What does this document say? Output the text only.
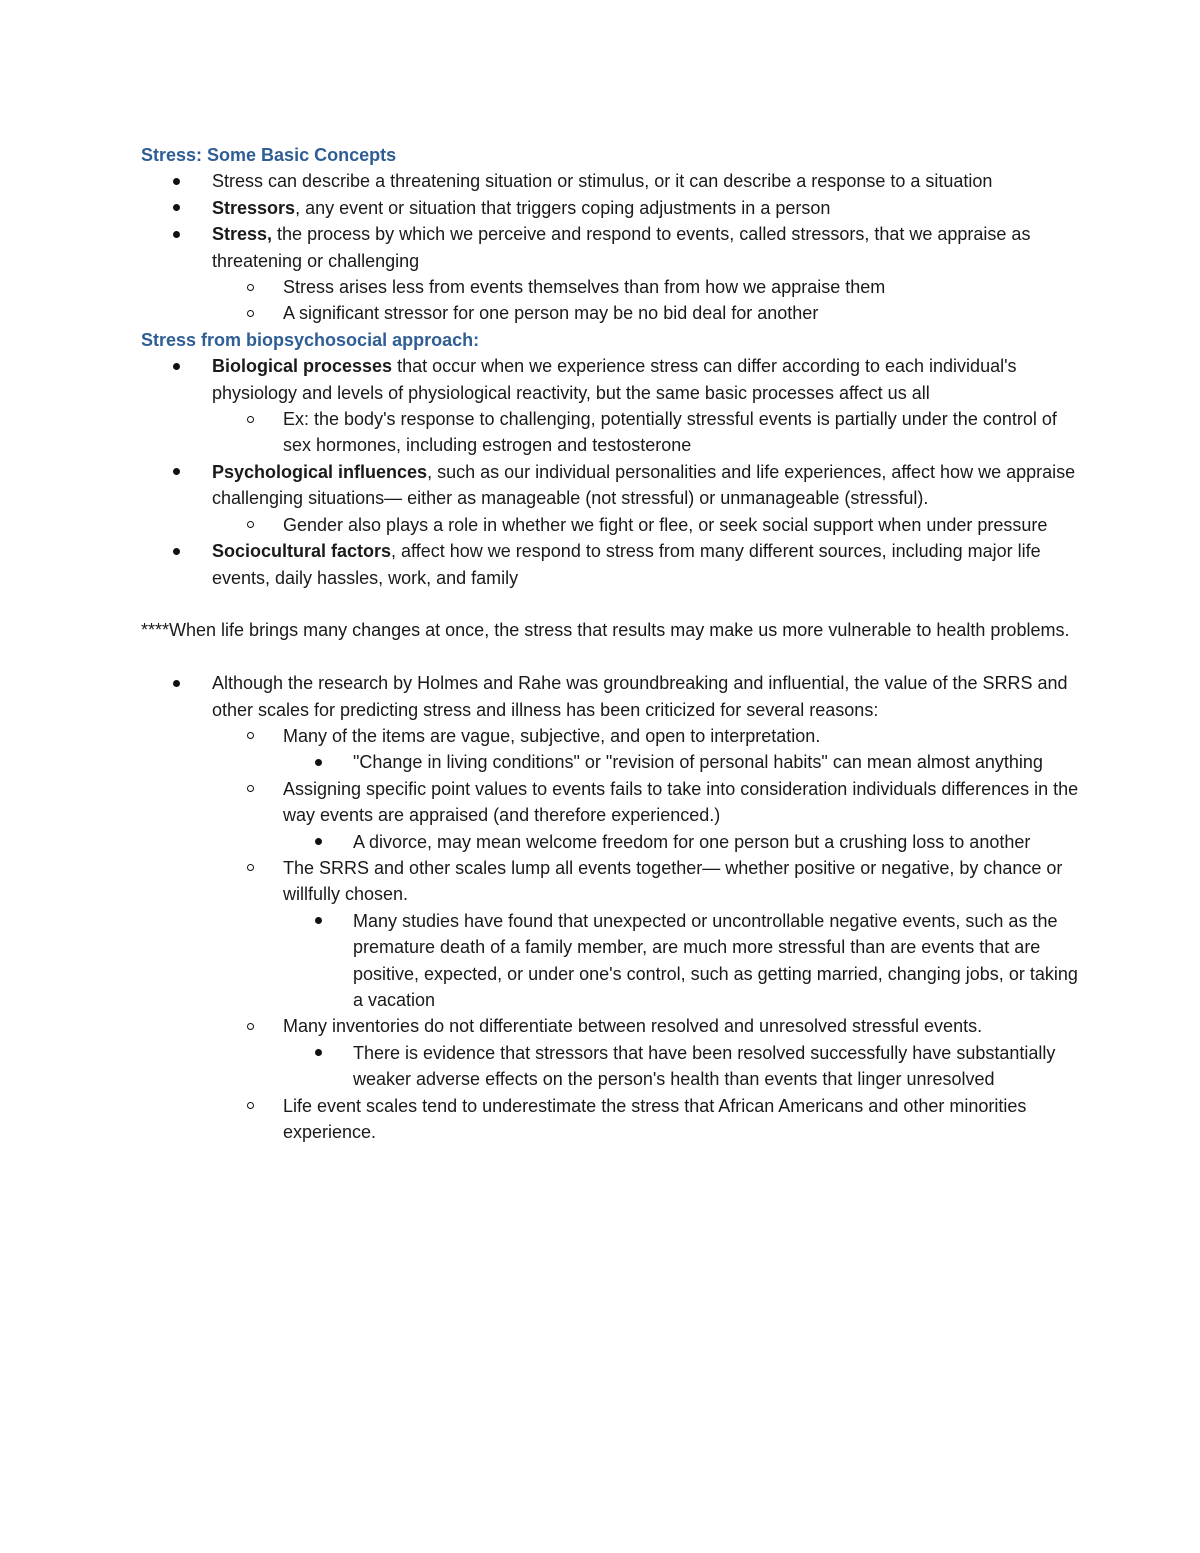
Stress: Some Basic Concepts

Stress can describe a threatening situation or stimulus, or it can describe a response to a situation
Stressors, any event or situation that triggers coping adjustments in a person
Stress, the process by which we perceive and respond to events, called stressors, that we appraise as threatening or challenging
Stress arises less from events themselves than from how we appraise them
A significant stressor for one person may be no bid deal for another

Stress from biopsychosocial approach:

Biological processes that occur when we experience stress can differ according to each individual's physiology and levels of physiological reactivity, but the same basic processes affect us all
Ex: the body's response to challenging, potentially stressful events is partially under the control of sex hormones, including estrogen and testosterone
Psychological influences, such as our individual personalities and life experiences, affect how we appraise challenging situations— either as manageable (not stressful) or unmanageable (stressful).
Gender also plays a role in whether we fight or flee, or seek social support when under pressure
Sociocultural factors, affect how we respond to stress from many different sources, including major life events, daily hassles, work, and family

****When life brings many changes at once, the stress that results may make us more vulnerable to health problems.

Although the research by Holmes and Rahe was groundbreaking and influential, the value of the SRRS and other scales for predicting stress and illness has been criticized for several reasons:
Many of the items are vague, subjective, and open to interpretation.
"Change in living conditions" or "revision of personal habits" can mean almost anything
Assigning specific point values to events fails to take into consideration individuals differences in the way events are appraised (and therefore experienced.)
A divorce, may mean welcome freedom for one person but a crushing loss to another
The SRRS and other scales lump all events together— whether positive or negative, by chance or willfully chosen.
Many studies have found that unexpected or uncontrollable negative events, such as the premature death of a family member, are much more stressful than are events that are positive, expected, or under one's control, such as getting married, changing jobs, or taking a vacation
Many inventories do not differentiate between resolved and unresolved stressful events.
There is evidence that stressors that have been resolved successfully have substantially weaker adverse effects on the person's health than events that linger unresolved
Life event scales tend to underestimate the stress that African Americans and other minorities experience.
